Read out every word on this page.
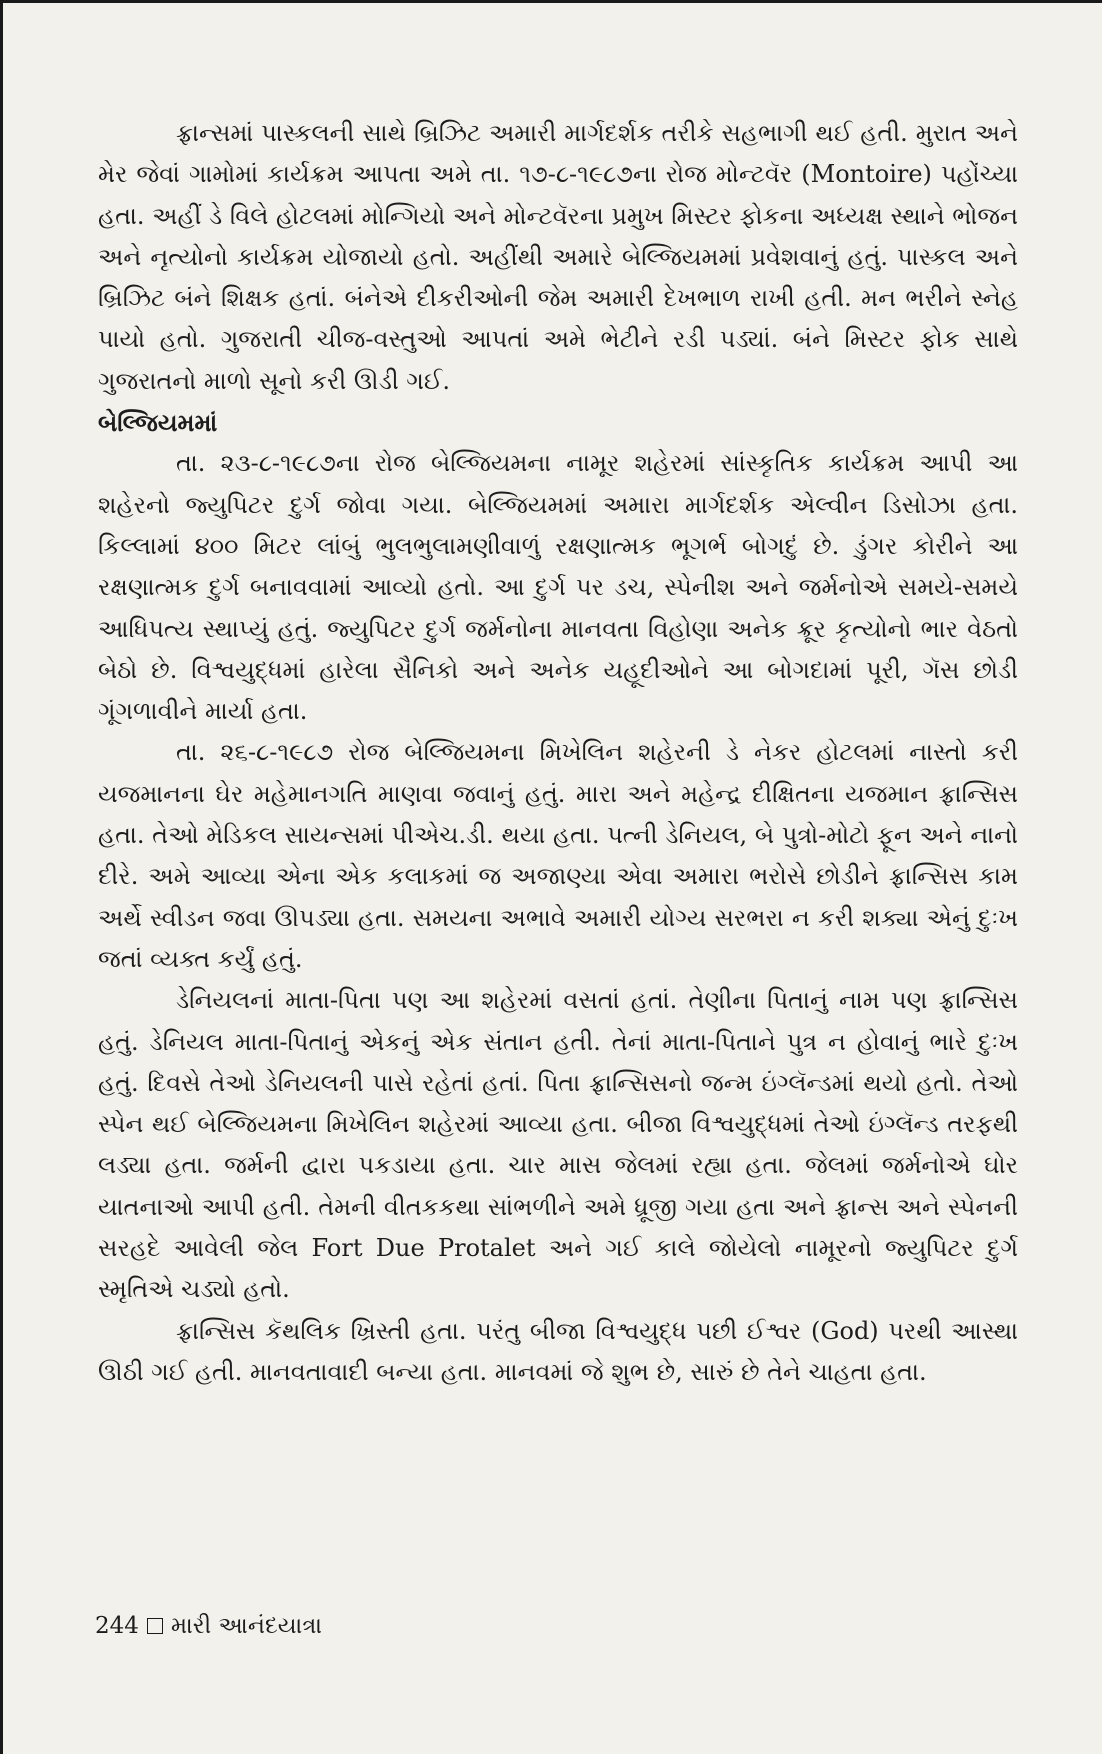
ફ્રાન્સમાં પાસ્કલની સાથે બ્રિઝિટ અમારી માર્ગદર્શક તરીકે સહભાગી થઈ હતી. મુરાત અને મેર જેવાં ગામોમાં કાર્યક્રમ આપતા અમે તા. ૧૭-૮-૧૯૮૭ના રોજ મોન્ટવૅર (Montoire) પહોંચ્યા હતા. અહીં ડે વિલે હોટલમાં મોન્ગિયો અને મોન્ટવૅરના પ્રમુખ મિસ્ટર ફોકના અધ્યક્ષ સ્થાને ભોજન અને નૃત્યોનો કાર્યક્રમ યોજાયો હતો. અહીંથી અમારે બેલ્જિયમમાં પ્રવેશવાનું હતું. પાસ્કલ અને બ્રિઝિટ બંને શિક્ષક હતાં. બંનેએ દીકરીઓની જેમ અમારી દેખભાળ રાખી હતી. મન ભરીને સ્નેહ પાયો હતો. ગુજરાતી ચીજ-વસ્તુઓ આપતાં અમે ભેટીને રડી પડ્યાં. બંને મિસ્ટર ફોક સાથે ગુજરાતનો માળો સૂનો કરી ઊડી ગઈ.

બેલ્જિયમમાં

તા. ૨૩-૮-૧૯૮૭ના રોજ બેલ્જિયમના નામૂર શહેરમાં સાંસ્કૃતિક કાર્યક્રમ આપી આ શહેરનો જ્યુપિટર દુર્ગ જોવા ગયા. બેલ્જિયમમાં અમારા માર્ગદર્શક એલ્વીન ડિસોઝા હતા. કિલ્લામાં ૪૦૦ મિટર લાંબું ભુલભુલામણીવાળું રક્ષણાત્મક ભૂગર્ભ બોગદું છે. ડુંગર કોરીને આ રક્ષણાત્મક દુર્ગ બનાવવામાં આવ્યો હતો. આ દુર્ગ પર ડચ, સ્પેનીશ અને જર્મનોએ સમયે-સમયે આધિપત્ય સ્થાપ્યું હતું. જ્યુપિટર દુર્ગ જર્મનોના માનવતા વિહોણા અનેક ક્રૂર કૃત્યોનો ભાર વેઠતો બેઠો છે. વિશ્વયુદ્ધમાં હારેલા સૈનિકો અને અનેક યહૂદીઓને આ બોગદામાં પૂરી, ગૅસ છોડી ગૂંગળાવીને માર્યા હતા.

તા. ૨૬-૮-૧૯૮૭ રોજ બેલ્જિયમના મિખેલિન શહેરની ડે નેકર હોટલમાં નાસ્તો કરી યજમાનના ઘેર મહેમાનગતિ માણવા જવાનું હતું. મારા અને મહેન્દ્ર દીક્ષિતના યજમાન ફ્રાન્સિસ હતા. તેઓ મેડિકલ સાયન્સમાં પીએચ.ડી. થયા હતા. પત્ની ડેનિયલ, બે પુત્રો-મોટો ફૂન અને નાનો દીરે. અમે આવ્યા એના એક કલાકમાં જ અજાણ્યા એવા અમારા ભરોસે છોડીને ફ્રાન્સિસ કામ અર્થે સ્વીડન જવા ઊપડ્યા હતા. સમયના અભાવે અમારી યોગ્ય સરભરા ન કરી શક્યા એનું દુઃખ જતાં વ્યક્ત કર્યું હતું.

ડેનિયલનાં માતા-પિતા પણ આ શહેરમાં વસતાં હતાં. તેણીના પિતાનું નામ પણ ફ્રાન્સિસ હતું. ડેનિયલ માતા-પિતાનું એકનું એક સંતાન હતી. તેનાં માતા-પિતાને પુત્ર ન હોવાનું ભારે દુઃખ હતું. દિવસે તેઓ ડેનિયલની પાસે રહેતાં હતાં. પિતા ફ્રાન્સિસનો જન્મ ઇંગ્લૅન્ડમાં થયો હતો. તેઓ સ્પેન થઈ બેલ્જિયમના મિખેલિન શહેરમાં આવ્યા હતા. બીજા વિશ્વયુદ્ધમાં તેઓ ઇંગ્લૅન્ડ તરફથી લડ્યા હતા. જર્મની દ્વારા પકડાયા હતા. ચાર માસ જેલમાં રહ્યા હતા. જેલમાં જર્મનોએ ઘોર યાતનાઓ આપી હતી. તેમની વીતકકથા સાંભળીને અમે ધ્રૂજી ગયા હતા અને ફ્રાન્સ અને સ્પેનની સરહદે આવેલી જેલ Fort Due Protalet અને ગઈ કાલે જોયેલો નામૂરનો જ્યુપિટર દુર્ગ સ્મૃતિએ ચડ્યો હતો.

ફ્રાન્સિસ કૅથલિક ખ્રિસ્તી હતા. પરંતુ બીજા વિશ્વયુદ્ધ પછી ઈશ્વર (God) પરથી આસ્થા ઊઠી ગઈ હતી. માનવતાવાદી બન્યા હતા. માનવમાં જે શુભ છે, સારું છે તેને ચાહતા હતા.

244 મારી આનંદયાત્રા
